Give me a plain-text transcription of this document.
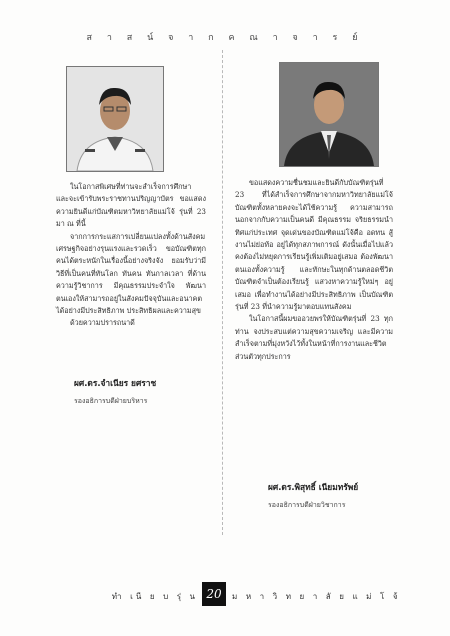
ส า ส น์ จ า ก ค ณ า จ า ร ย์

ในโอกาสพิเศษที่ท่านจะสำเร็จการศึกษา และจะเข้ารับพระราชทานปริญญาบัตร ขอแสดงความยินดีแก่บัณฑิตมหาวิทยาลัยแม่โจ้ รุ่นที่ 23 มา ณ ที่นี้

จากการกระแสการเปลี่ยนแปลงทั้งด้านสังคม เศรษฐกิจอย่างรุนแรงและรวดเร็ว ขอบัณฑิตทุกคนได้ตระหนักในเรื่องนี้อย่างจริงจัง ยอมรับว่ามีวิธีที่เป็นคนที่ทันโลก ทันคน ทันกาลเวลา ที่ด้านความรู้วิชาการ มีคุณธรรมประจำใจ พัฒนาตนเองให้สามารถอยู่ในสังคมปัจจุบันและอนาคตได้อย่างมีประสิทธิภาพ ประสิทธิผลและความสุข

ด้วยความปรารถนาดี

ผศ.ดร.จำเนียร ยศราช
รองอธิการบดีฝ่ายบริหาร

ขอแสดงความชื่นชมและยินดีกับบัณฑิตรุ่นที่ 23 ที่ได้สำเร็จการศึกษาจากมหาวิทยาลัยแม่โจ้ บัณฑิตทั้งหลายคงจะได้ใช้ความรู้ ความสามารถนอกจากกับความเป็นคนดี มีคุณธรรม จริยธรรมนำทิศแก่ประเทศ จุดเด่นของบัณฑิตแม่โจ้คือ อดทน สู้งานไม่ย่อท้อ อยู่ได้ทุกสภาพการณ์ ดังนั้นเมื่อไปแล้วคงต้องไม่หยุดการเรียนรู้เพิ่มเติมอยู่เสมอ ต้องพัฒนาตนเองทั้งความรู้ และทักษะในทุกด้านตลอดชีวิต บัณฑิตจำเป็นต้องเรียนรู้ แสวงหาความรู้ใหม่ๆ อยู่เสมอ เพื่อทำงานได้อย่างมีประสิทธิภาพ เป็นบัณฑิตรุ่นที่ 23 ที่นำความรู้มาตอบแทนสังคม

ในโอกาสนี้ผมขออวยพรให้บัณฑิตรุ่นที่ 23 ทุกท่าน จงประสบแต่ความสุขความเจริญ และมีความสำเร็จตามที่มุ่งหวังไว้ทั้งในหน้าที่การงานและชีวิตส่วนตัวทุกประการ

ผศ.ดร.พิสุทธิ์ เนียมทรัพย์
รองอธิการบดีฝ่ายวิชาการ
ทำ เนี ย บ รุ่ น 20	ม ห า วิ ท ย า ลั ย แ ม่ โ จ้
